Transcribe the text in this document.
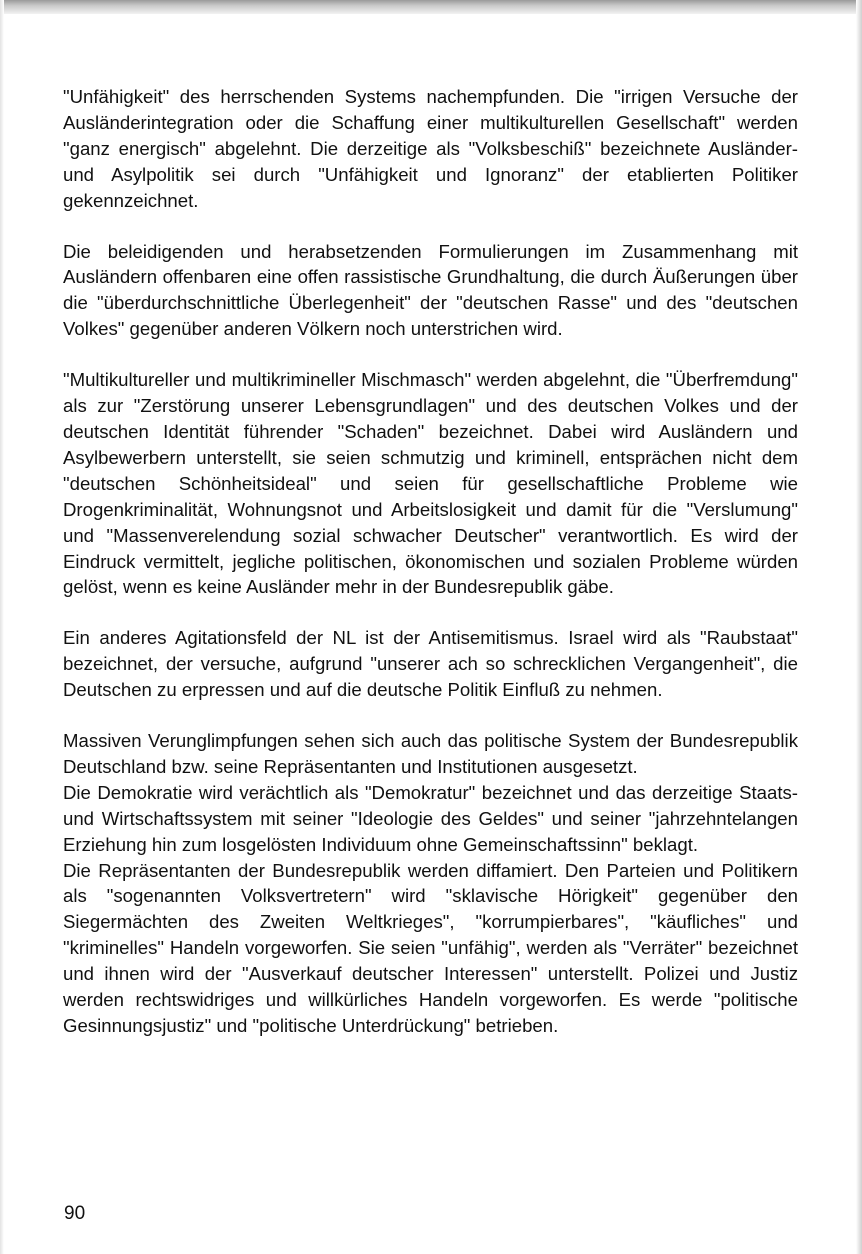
"Unfähigkeit" des herrschenden Systems nachempfunden. Die "irrigen Versuche der Ausländerintegration oder die Schaffung einer multikulturellen Gesellschaft" werden "ganz energisch" abgelehnt. Die derzeitige als "Volksbeschiß" bezeichnete Ausländer- und Asylpolitik sei durch "Unfähigkeit und Ignoranz" der etablierten Politiker gekennzeichnet.

Die beleidigenden und herabsetzenden Formulierungen im Zusammenhang mit Ausländern offenbaren eine offen rassistische Grundhaltung, die durch Äußerungen über die "überdurchschnittliche Überlegenheit" der "deutschen Rasse" und des "deutschen Volkes" gegenüber anderen Völkern noch unterstrichen wird.

"Multikultureller und multikrimineller Mischmasch" werden abgelehnt, die "Überfremdung" als zur "Zerstörung unserer Lebensgrundlagen" und des deutschen Volkes und der deutschen Identität führender "Schaden" bezeichnet. Dabei wird Ausländern und Asylbewerbern unterstellt, sie seien schmutzig und kriminell, entsprächen nicht dem "deutschen Schönheitsideal" und seien für gesellschaftliche Probleme wie Drogenkriminalität, Wohnungsnot und Arbeitslosigkeit und damit für die "Verslumung" und "Massenverelendung sozial schwacher Deutscher" verantwortlich. Es wird der Eindruck vermittelt, jegliche politischen, ökonomischen und sozialen Probleme würden gelöst, wenn es keine Ausländer mehr in der Bundesrepublik gäbe.

Ein anderes Agitationsfeld der NL ist der Antisemitismus. Israel wird als "Raubstaat" bezeichnet, der versuche, aufgrund "unserer ach so schrecklichen Vergangenheit", die Deutschen zu erpressen und auf die deutsche Politik Einfluß zu nehmen.

Massiven Verunglimpfungen sehen sich auch das politische System der Bundesrepublik Deutschland bzw. seine Repräsentanten und Institutionen ausgesetzt.

Die Demokratie wird verächtlich als "Demokratur" bezeichnet und das derzeitige Staats- und Wirtschaftssystem mit seiner "Ideologie des Geldes" und seiner "jahrzehntelangen Erziehung hin zum losgelösten Individuum ohne Gemeinschaftssinn" beklagt.

Die Repräsentanten der Bundesrepublik werden diffamiert. Den Parteien und Politikern als "sogenannten Volksvertretern" wird "sklavische Hörigkeit" gegenüber den Siegermächten des Zweiten Weltkrieges", "korrumpierbares", "käufliches" und "kriminelles" Handeln vorgeworfen. Sie seien "unfähig", werden als "Verräter" bezeichnet und ihnen wird der "Ausverkauf deutscher Interessen" unterstellt. Polizei und Justiz werden rechtswidriges und willkürliches Handeln vorgeworfen. Es werde "politische Gesinnungsjustiz" und "politische Unterdrückung" betrieben.

90
